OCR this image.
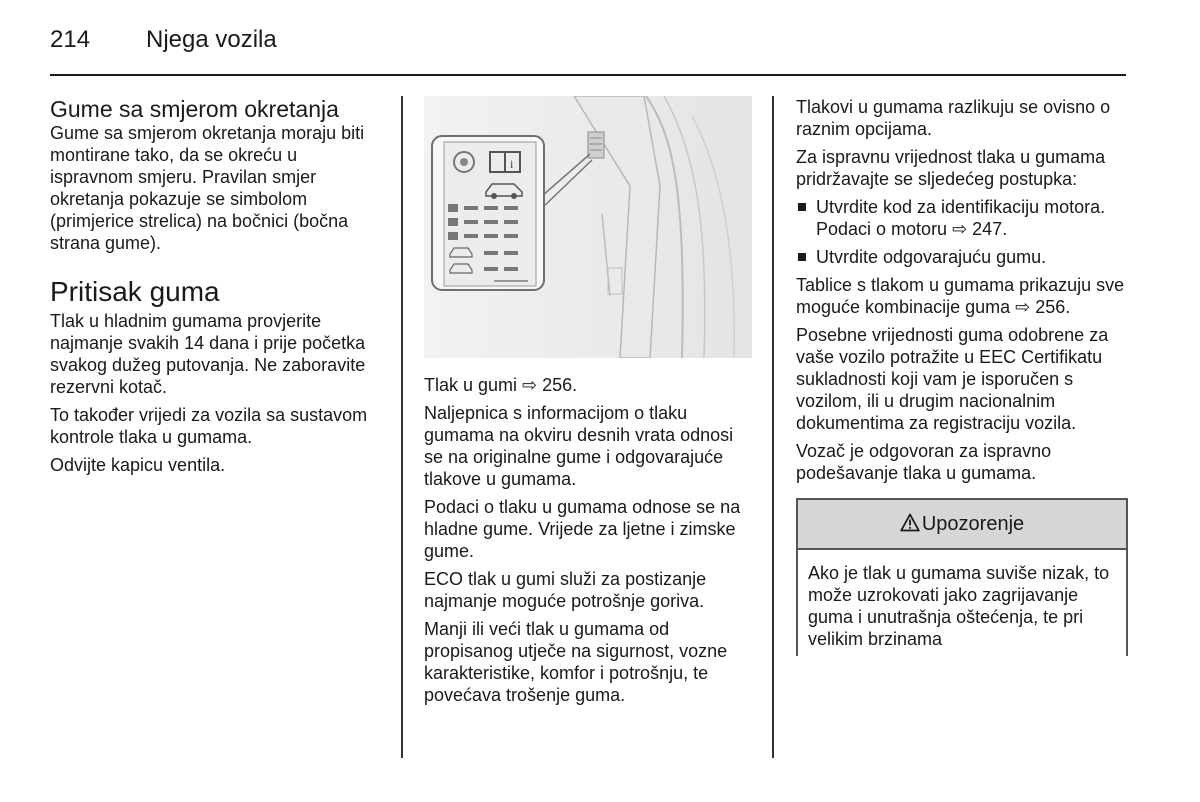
214 Njega vozila
Gume sa smjerom okretanja

Gume sa smjerom okretanja moraju biti montirane tako, da se okreću u ispravnom smjeru. Pravilan smjer okretanja pokazuje se simbolom (primjerice strelica) na bočnici (bočna strana gume).

Pritisak guma

Tlak u hladnim gumama provjerite najmanje svakih 14 dana i prije početka svakog dužeg putovanja. Ne zaboravite rezervni kotač.

To također vrijedi za vozila sa sustavom kontrole tlaka u gumama.

Odvijte kapicu ventila.

i

Tlak u gumi ⇨ 256.

Naljepnica s informacijom o tlaku gumama na okviru desnih vrata odnosi se na originalne gume i odgovarajuće tlakove u gumama.

Podaci o tlaku u gumama odnose se na hladne gume. Vrijede za ljetne i zimske gume.

ECO tlak u gumi služi za postizanje najmanje moguće potrošnje goriva.

Manji ili veći tlak u gumama od propisanog utječe na sigurnost, vozne karakteristike, komfor i potrošnju, te povećava trošenje guma.

Tlakovi u gumama razlikuju se ovisno o raznim opcijama.

Za ispravnu vrijednost tlaka u gumama pridržavajte se sljedećeg postupka:

Utvrdite kod za identifikaciju motora. Podaci o motoru ⇨ 247.

Utvrdite odgovarajuću gumu.

Tablice s tlakom u gumama prikazuju sve moguće kombinacije guma ⇨ 256.

Posebne vrijednosti guma odobrene za vaše vozilo potražite u EEC Certifikatu sukladnosti koji vam je isporučen s vozilom, ili u drugim nacionalnim dokumentima za registraciju vozila.

Vozač je odgovoran za ispravno podešavanje tlaka u gumama.

Upozorenje
Ako je tlak u gumama suviše nizak, to može uzrokovati jako zagrijavanje guma i unutrašnja oštećenja, te pri velikim brzinama
